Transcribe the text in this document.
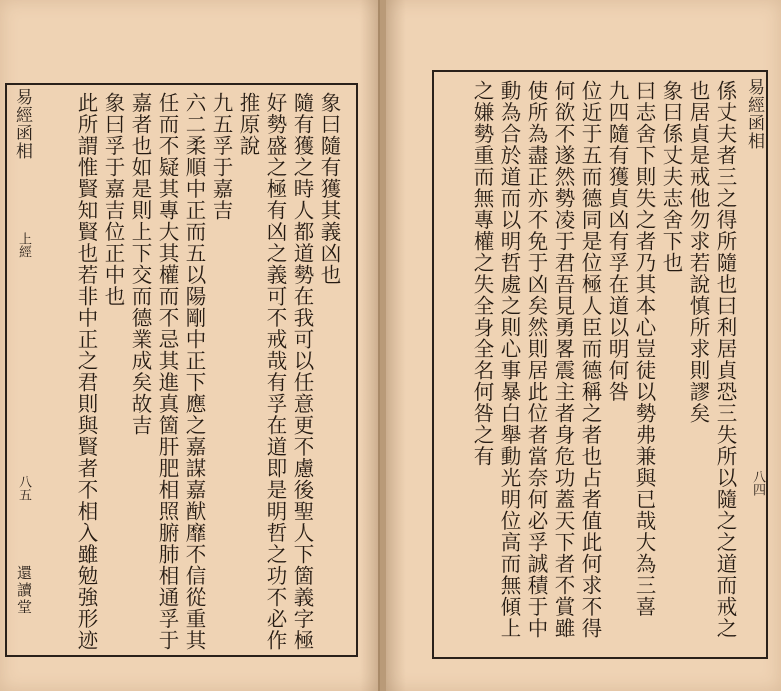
易經函相
上經
八五
還讀堂
易經函相
八四
象曰隨有獲其義凶也
隨有獲之時人都道勢在我可以任意更不慮後聖人下箇義字極
好勢盛之極有凶之義可不戒哉有孚在道即是明哲之功不必作
推原說
九五孚于嘉吉
六二柔順中正而五以陽剛中正下應之嘉謀嘉猷靡不信從重其
任而不疑其專大其權而不忌其進真箇肝肥相照腑肺相通孚于
嘉者也如是則上下交而德業成矣故吉
象曰孚于嘉吉位正中也
此所謂惟賢知賢也若非中正之君則與賢者不相入雖勉強形迹	係丈夫者三之得所隨也曰利居貞恐三失所以隨之之道而戒之
也居貞是戒他勿求若說慎所求則謬矣
象曰係丈夫志舍下也
曰志舍下則失之者乃其本心豈徒以勢弗兼與已哉大為三喜
九四隨有獲貞凶有孚在道以明何咎
位近于五而德同是位極人臣而德稱之者也占者值此何求不得
何欲不遂然勢凌于君吾見勇畧震主者身危功蓋天下者不賞雖
使所為盡正亦不免于凶矣然則居此位者當奈何必孚誠積于中
動為合於道而以明哲處之則心事暴白舉動光明位高而無傾上
之嫌勢重而無專權之失全身全名何咎之有
